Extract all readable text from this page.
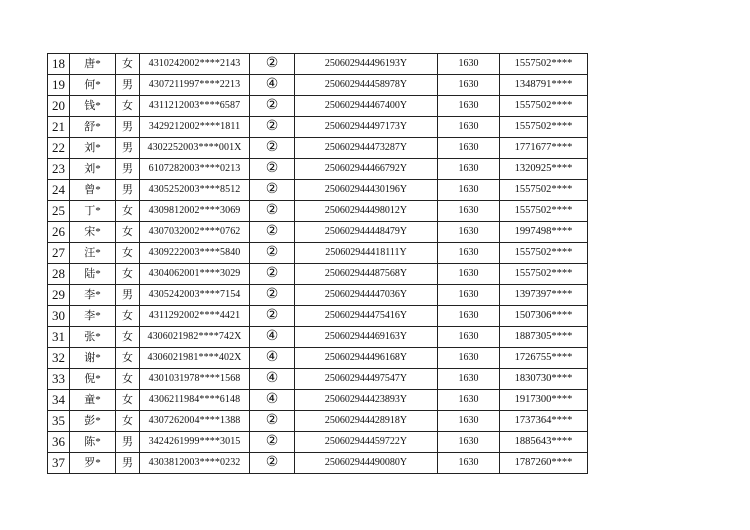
18	唐*	女	4310242002****2143	②	250602944496193Y	1630	1557502****
19	何*	男	4307211997****2213	④	250602944458978Y	1630	1348791****
20	钱*	女	4311212003****6587	②	250602944467400Y	1630	1557502****
21	舒*	男	3429212002****1811	②	250602944497173Y	1630	1557502****
22	刘*	男	4302252003****001X	②	250602944473287Y	1630	1771677****
23	刘*	男	6107282003****0213	②	250602944466792Y	1630	1320925****
24	曾*	男	4305252003****8512	②	250602944430196Y	1630	1557502****
25	丁*	女	4309812002****3069	②	250602944498012Y	1630	1557502****
26	宋*	女	4307032002****0762	②	250602944448479Y	1630	1997498****
27	汪*	女	4309222003****5840	②	250602944418111Y	1630	1557502****
28	陆*	女	4304062001****3029	②	250602944487568Y	1630	1557502****
29	李*	男	4305242003****7154	②	250602944447036Y	1630	1397397****
30	李*	女	4311292002****4421	②	250602944475416Y	1630	1507306****
31	张*	女	4306021982****742X	④	250602944469163Y	1630	1887305****
32	谢*	女	4306021981****402X	④	250602944496168Y	1630	1726755****
33	倪*	女	4301031978****1568	④	250602944497547Y	1630	1830730****
34	童*	女	4306211984****6148	④	250602944423893Y	1630	1917300****
35	彭*	女	4307262004****1388	②	250602944428918Y	1630	1737364****
36	陈*	男	3424261999****3015	②	250602944459722Y	1630	1885643****
37	罗*	男	4303812003****0232	②	250602944490080Y	1630	1787260****
